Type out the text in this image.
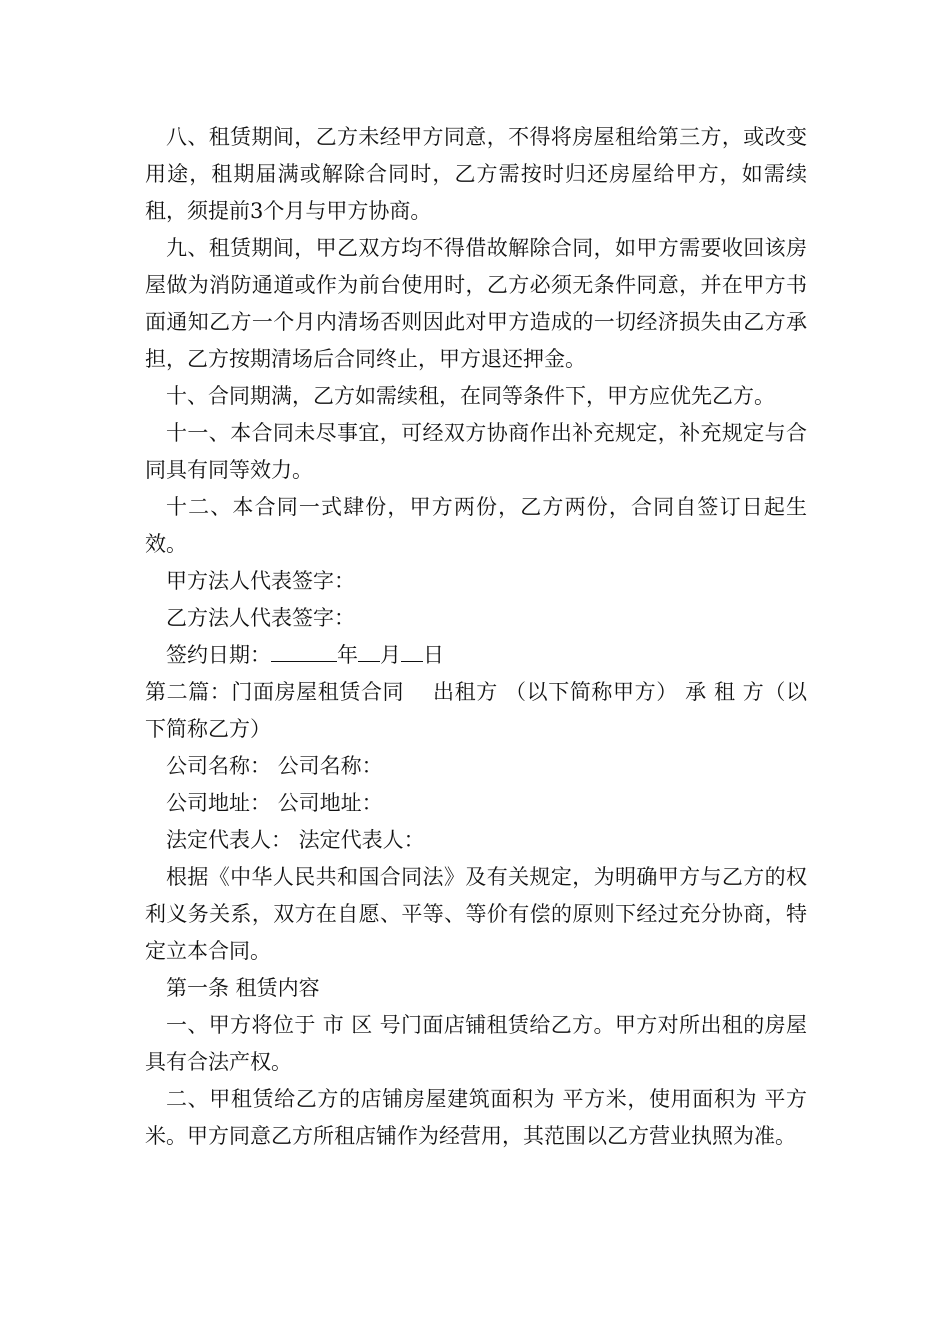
八、租赁期间，乙方未经甲方同意，不得将房屋租给第三方，或改变用途，租期届满或解除合同时，乙方需按时归还房屋给甲方，如需续租，须提前3个月与甲方协商。

九、租赁期间，甲乙双方均不得借故解除合同，如甲方需要收回该房屋做为消防通道或作为前台使用时，乙方必须无条件同意，并在甲方书面通知乙方一个月内清场否则因此对甲方造成的一切经济损失由乙方承担，乙方按期清场后合同终止，甲方退还押金。

十、合同期满，乙方如需续租，在同等条件下，甲方应优先乙方。

十一、本合同未尽事宜，可经双方协商作出补充规定，补充规定与合同具有同等效力。

十二、本合同一式肆份，甲方两份，乙方两份，合同自签订日起生效。

甲方法人代表签字：

乙方法人代表签字：

签约日期：	年 月 日

第二篇：门面房屋租赁合同　 出租方 （以下简称甲方） 承 租 方（以下简称乙方）

公司名称： 公司名称：

公司地址： 公司地址：

法定代表人： 法定代表人：

根据《中华人民共和国合同法》及有关规定，为明确甲方与乙方的权利义务关系，双方在自愿、平等、等价有偿的原则下经过充分协商，特定立本合同。

第一条 租赁内容

一、甲方将位于 市 区 号门面店铺租赁给乙方。甲方对所出租的房屋具有合法产权。

二、甲租赁给乙方的店铺房屋建筑面积为 平方米，使用面积为 平方米。甲方同意乙方所租店铺作为经营用，其范围以乙方营业执照为准。
